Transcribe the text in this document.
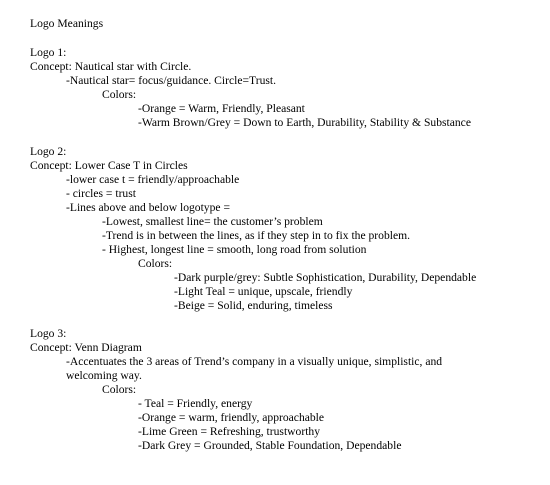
Logo Meanings

Logo 1:

Concept: Nautical star with Circle.

-Nautical star= focus/guidance. Circle=Trust.

Colors:

-Orange = Warm, Friendly, Pleasant

-Warm Brown/Grey = Down to Earth, Durability, Stability & Substance

Logo 2:

Concept: Lower Case T in Circles

-lower case t = friendly/approachable

- circles = trust

-Lines above and below logotype =

-Lowest, smallest line= the customer’s problem

-Trend is in between the lines, as if they step in to fix the problem.

- Highest, longest line = smooth, long road from solution

Colors:

-Dark purple/grey: Subtle Sophistication, Durability, Dependable

-Light Teal = unique, upscale, friendly

-Beige = Solid, enduring, timeless

Logo 3:

Concept: Venn Diagram

-Accentuates the 3 areas of Trend’s company in a visually unique, simplistic, and

welcoming way.

Colors:

- Teal = Friendly, energy

-Orange = warm, friendly, approachable

-Lime Green = Refreshing, trustworthy

-Dark Grey = Grounded, Stable Foundation, Dependable
